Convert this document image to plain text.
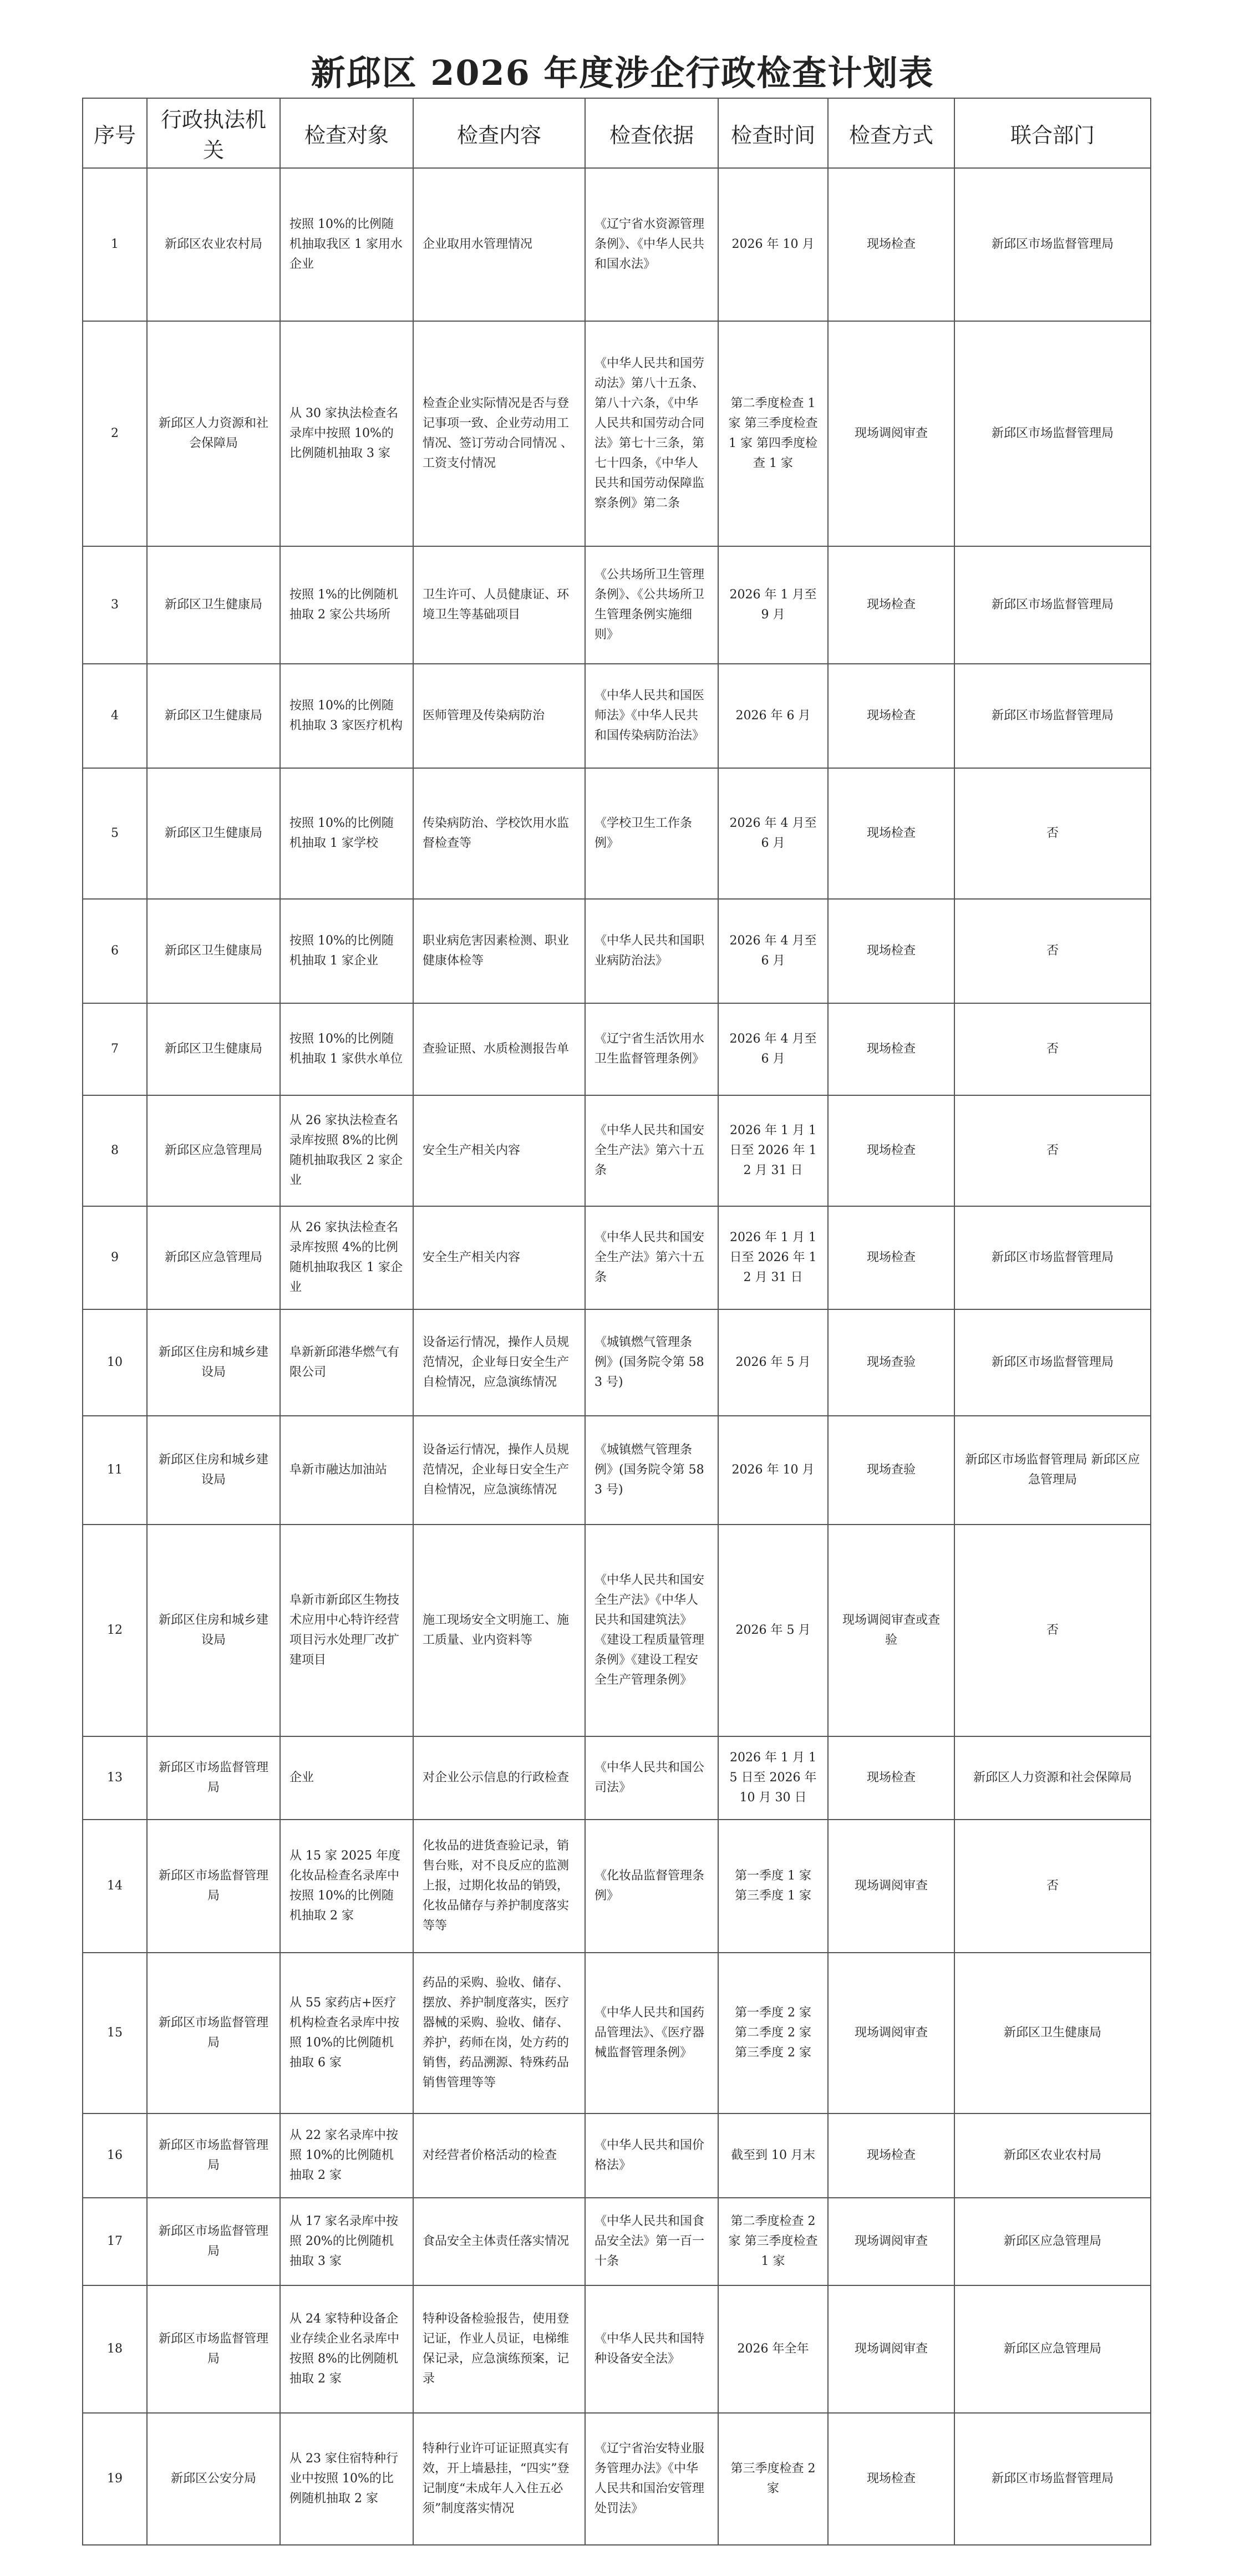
新邱区 2026 年度涉企行政检查计划表
序号	行政执法机关	检查对象	检查内容	检查依据	检查时间	检查方式	联合部门
1	新邱区农业农村局	按照 10%的比例随机抽取我区 1 家用水企业	企业取用水管理情况	《辽宁省水资源管理条例》、《中华人民共和国水法》	2026 年 10 月	现场检查	新邱区市场监督管理局
2	新邱区人力资源和社会保障局	从 30 家执法检查名录库中按照 10%的比例随机抽取 3 家	检查企业实际情况是否与登记事项一致、企业劳动用工情况、签订劳动合同情况 、工资支付情况	《中华人民共和国劳动法》第八十五条、第八十六条，《中华人民共和国劳动合同法》第七十三条，第七十四条，《中华人民共和国劳动保障监察条例》第二条	第二季度检查 1 家 第三季度检查 1 家 第四季度检查 1 家	现场调阅审查	新邱区市场监督管理局
3	新邱区卫生健康局	按照 1%的比例随机抽取 2 家公共场所	卫生许可、人员健康证、环境卫生等基础项目	《公共场所卫生管理条例》、《公共场所卫生管理条例实施细则》	2026 年 1 月至 9 月	现场检查	新邱区市场监督管理局
4	新邱区卫生健康局	按照 10%的比例随机抽取 3 家医疗机构	医师管理及传染病防治	《中华人民共和国医师法》《中华人民共和国传染病防治法》	2026 年 6 月	现场检查	新邱区市场监督管理局
5	新邱区卫生健康局	按照 10%的比例随机抽取 1 家学校	传染病防治、学校饮用水监督检查等	《学校卫生工作条例》	2026 年 4 月至 6 月	现场检查	否
6	新邱区卫生健康局	按照 10%的比例随机抽取 1 家企业	职业病危害因素检测、职业健康体检等	《中华人民共和国职业病防治法》	2026 年 4 月至 6 月	现场检查	否
7	新邱区卫生健康局	按照 10%的比例随机抽取 1 家供水单位	查验证照、水质检测报告单	《辽宁省生活饮用水卫生监督管理条例》	2026 年 4 月至 6 月	现场检查	否
8	新邱区应急管理局	从 26 家执法检查名录库按照 8%的比例随机抽取我区 2 家企业	安全生产相关内容	《中华人民共和国安全生产法》第六十五条	2026 年 1 月 1 日至 2026 年 12 月 31 日	现场检查	否
9	新邱区应急管理局	从 26 家执法检查名录库按照 4%的比例随机抽取我区 1 家企业	安全生产相关内容	《中华人民共和国安全生产法》第六十五条	2026 年 1 月 1 日至 2026 年 12 月 31 日	现场检查	新邱区市场监督管理局
10	新邱区住房和城乡建设局	阜新新邱港华燃气有限公司	设备运行情况，操作人员规范情况，企业每日安全生产自检情况，应急演练情况	《城镇燃气管理条例》(国务院令第 583 号)	2026 年 5 月	现场查验	新邱区市场监督管理局
11	新邱区住房和城乡建设局	阜新市融达加油站	设备运行情况，操作人员规范情况，企业每日安全生产自检情况，应急演练情况	《城镇燃气管理条例》(国务院令第 583 号)	2026 年 10 月	现场查验	新邱区市场监督管理局 新邱区应急管理局
12	新邱区住房和城乡建设局	阜新市新邱区生物技术应用中心特许经营项目污水处理厂改扩建项目	施工现场安全文明施工、施工质量、业内资料等	《中华人民共和国安全生产法》《中华人民共和国建筑法》《建设工程质量管理条例》《建设工程安全生产管理条例》	2026 年 5 月	现场调阅审查或查验	否
13	新邱区市场监督管理局	企业	对企业公示信息的行政检查	《中华人民共和国公司法》	2026 年 1 月 15 日至 2026 年 10 月 30 日	现场检查	新邱区人力资源和社会保障局
14	新邱区市场监督管理局	从 15 家 2025 年度化妆品检查名录库中按照 10%的比例随机抽取 2 家	化妆品的进货查验记录，销售台账，对不良反应的监测上报，过期化妆品的销毁，化妆品储存与养护制度落实等等	《化妆品监督管理条例》	第一季度 1 家 第三季度 1 家	现场调阅审查	否
15	新邱区市场监督管理局	从 55 家药店+医疗机构检查名录库中按照 10%的比例随机抽取 6 家	药品的采购、验收、储存、摆放、养护制度落实，医疗器械的采购、验收、储存、养护，药师在岗，处方药的销售，药品溯源、特殊药品销售管理等等	《中华人民共和国药品管理法》、《医疗器械监督管理条例》	第一季度 2 家 第二季度 2 家 第三季度 2 家	现场调阅审查	新邱区卫生健康局
16	新邱区市场监督管理局	从 22 家名录库中按照 10%的比例随机抽取 2 家	对经营者价格活动的检查	《中华人民共和国价格法》	截至到 10 月末	现场检查	新邱区农业农村局
17	新邱区市场监督管理局	从 17 家名录库中按照 20%的比例随机抽取 3 家	食品安全主体责任落实情况	《中华人民共和国食品安全法》第一百一十条	第二季度检查 2 家 第三季度检查 1 家	现场调阅审查	新邱区应急管理局
18	新邱区市场监督管理局	从 24 家特种设备企业存续企业名录库中按照 8%的比例随机抽取 2 家	特种设备检验报告，使用登记证，作业人员证，电梯维保记录，应急演练预案，记录	《中华人民共和国特种设备安全法》	2026 年全年	现场调阅审查	新邱区应急管理局
19	新邱区公安分局	从 23 家住宿特种行业中按照 10%的比例随机抽取 2 家	特种行业许可证证照真实有效，开上墙悬挂，“四实”登记制度“未成年人入住五必须”制度落实情况	《辽宁省治安特业服务管理办法》《中华人民共和国治安管理处罚法》	第三季度检查 2 家	现场检查	新邱区市场监督管理局
